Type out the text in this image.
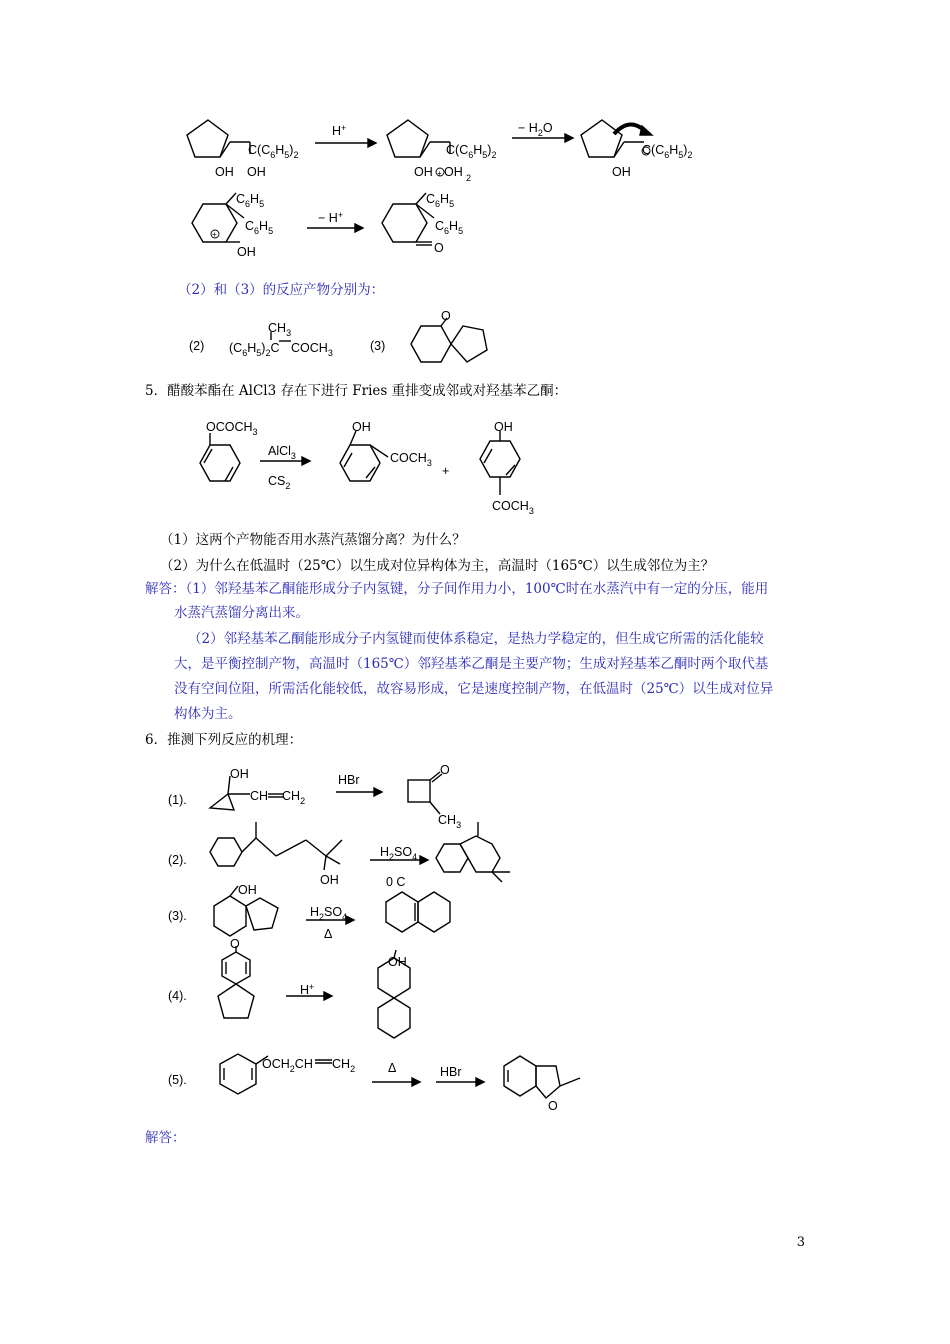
$C(C_6H_5)_2$
OH OH
H+
$C(C_6H_5)_2$
OH + OH 2
− $H_2O$
$C(C_6H_5)_2$
OH
$C_6H_5$
$C_6H_5$
+
OH
− H+
$C_6H_5$
$C_6H_5$
O
（2）和（3）的反应产物分别为：
(2) $(C_6H_5)_2C$
$CH_3$
$COCH_3$	(3)
O
5．醋酸苯酯在 AlCl3 存在下进行 Fries 重排变成邻或对羟基苯乙酮：
$OCOCH_3$
AlCl$_3$
$CS_2$
OH
$COCH_3$
+
OH
$COCH_3$
（1）这两个产物能否用水蒸汽蒸馏分离？为什么？
（2）为什么在低温时（25℃）以生成对位异构体为主，高温时（165℃）以生成邻位为主？
解答：（1）邻羟基苯乙酮能形成分子内氢键，分子间作用力小，100℃时在水蒸汽中有一定的分压，能用
水蒸汽蒸馏分离出来。
（2）邻羟基苯乙酮能形成分子内氢键而使体系稳定，是热力学稳定的，但生成它所需的活化能较
大，是平衡控制产物，高温时（165℃）邻羟基苯乙酮是主要产物；生成对羟基苯乙酮时两个取代基
没有空间位阻，所需活化能较低，故容易形成，它是速度控制产物，在低温时（25℃）以生成对位异
构体为主。
6．推测下列反应的机理：
(1).
OH
CH $CH_2$
HBr
O
$CH_3$
(2).
OH
$H_2SO_4$
0 C
(3).
OH
$H_2SO_4$
Δ
(4).
O
H+
OH
(5).
$OCH_2CH$ $CH_2$	Δ	HBr
O
解答：
3
